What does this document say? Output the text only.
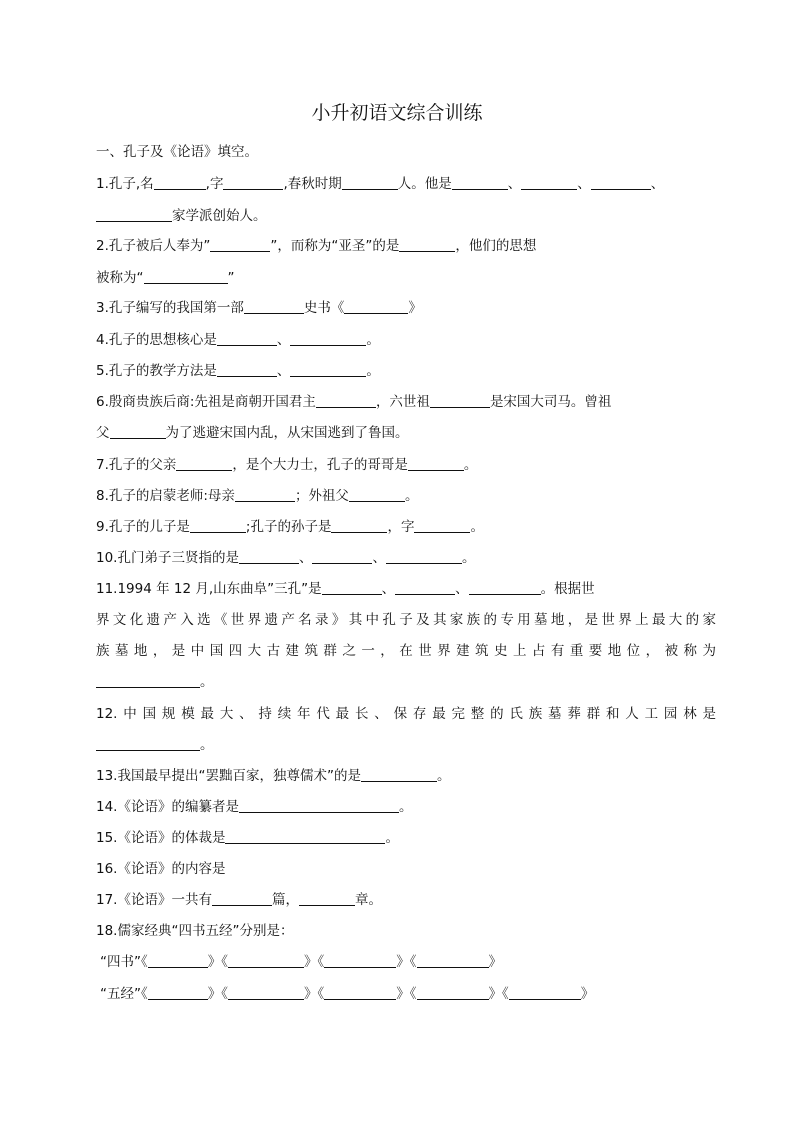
小升初语文综合训练
一、孔子及《论语》填空。
1.孔子,名	,字	,春秋时期	人。他是	、	、	、
家学派创始人。
2.孔子被后人奉为”	”，而称为“亚圣”的是	，他们的思想
被称为“	”
3.孔子编写的我国第一部	史书《	》
4.孔子的思想核心是	、	。
5.孔子的教学方法是	、	。
6.殷商贵族后商:先祖是商朝开国君主	，六世祖	是宋国大司马。曾祖
父	为了逃避宋国内乱，从宋国逃到了鲁国。
7.孔子的父亲	，是个大力士，孔子的哥哥是	。
8.孔子的启蒙老师:母亲	；外祖父	。
9.孔子的儿子是	;孔子的孙子是	，字	。
10.孔门弟子三贤指的是	、	、	。
11.1994 年 12 月,山东曲阜”三孔”是	、	、	。根据世
界文化遗产入选《世界遗产名录》其中孔子及其家族的专用墓地，是世界上最大的家
族墓地，是中国四大古建筑群之一，在世界建筑史上占有重要地位，被称为
。
12.中国规模最大、持续年代最长、保存最完整的氏族墓葬群和人工园林是
。
13.我国最早提出“罢黜百家，独尊儒术”的是	。
14.《论语》的编纂者是	。
15.《论语》的体裁是	。
16.《论语》的内容是
17.《论语》一共有	篇，	章。
18.儒家经典“四书五经”分别是：
“四书”《	》《	》《	》《	》
“五经”《	》《	》《	》《	》《	》
